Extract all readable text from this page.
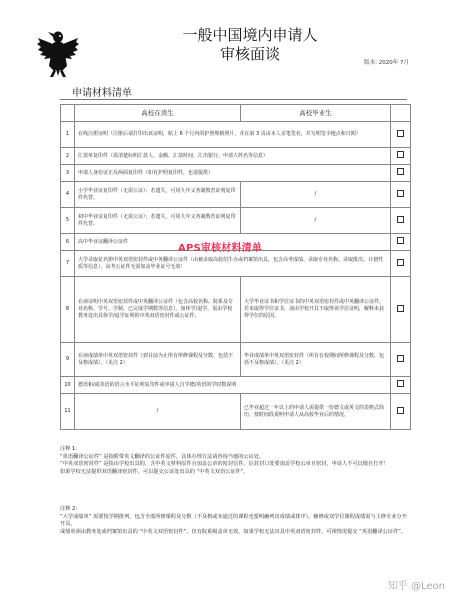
一般中国境内申请人
审核面谈	版本: 2020年 7月
申请材料清单
	高校在读生	高校毕业生	
1	在线注册证明（注册后请打印出该证明，贴上 6 个月内的护照规格照片，并在第 3 页由本人亲笔签名，并写明签字地点和日期）		
2	汇款单复印件（需清楚标明汇款人、金额、汇款时间、汇出银行、申请人姓名等信息）		
3	申请人身份证正反两面复印件（如有护照复印件，也请提供）		
4	小学毕业证复印件（无需公证）；若遗失，可用九年义务制教育证明复印件代替。	/	
5	初中毕业证复印件（无需公证）；若遗失，可用九年义务制教育证明复印件代替。	/	
6	高中毕业证翻译公证件		
7	大学录取花名册中英双语密封件或中英翻译公证件（由被录取高校招生办或档案馆出具，包含高考成绩、录取专业名称、录取批次、计划性质等信息），高考公证件无需加盖毕业证号无效！		
8	在读证明中英双语密封件或中英翻译公证件（包含高校名称、院系及专业名称、学号、学制、已完成学期数等信息）。如休学/退学，需由学校教务处出具休学/退学证明的中英双语密封件或公证件。	大学毕业证书和学位证书的中英双语密封件或中英翻译公证件。若未取得学位证书，请由学校开具不取得该学位证明，解释未获得学位的原因。	
9	在读成绩单中英双语密封件（到目前为止所有所修课程及分数，包括不及格成绩）。（见注 2）	毕业成绩单中英双语密封件（所有在校期间所修课程及分数，包括不及格成绩）。（见注 2）	
10	德语和/或英语的语言水平证明复印件或申请人自学德/英语的学时数说明		
11	/	已毕业超过一年以上的申请人需提供一份德文或英文的表格式简历，按时间段说明申请人从高校毕业后的情况。	
APS审核材料清单

注释 1:

“英语翻译公证件” 是指附带英文翻译的公证件原件，具体办理方法请咨询当地的公证处。

“中英双语密封件” 是指由学校出具的，含中英文材料原件且加盖公章的密封信件，信封封口处要加盖学校公章且密封，申请人不可以擅自打开！

如果学校无法提供双语翻译密封件，可以提交公证处出具的 “中英文双语公证件”。

注释 2:

“大学成绩单” 需要按学期排列，包含全部所修课程及分数（不及格或未通过的课程也要明确列出成绩或排序）。辅修或双学位课程成绩需与主修专业分开开具。

成绩单须由教务处或档案馆出具的 “中英文双语密封件”，仅有院系级盖章无效。如果学校无法出具中英双语密封件，可视情况提交 “英语翻译公证件”。

知乎 @Leon
